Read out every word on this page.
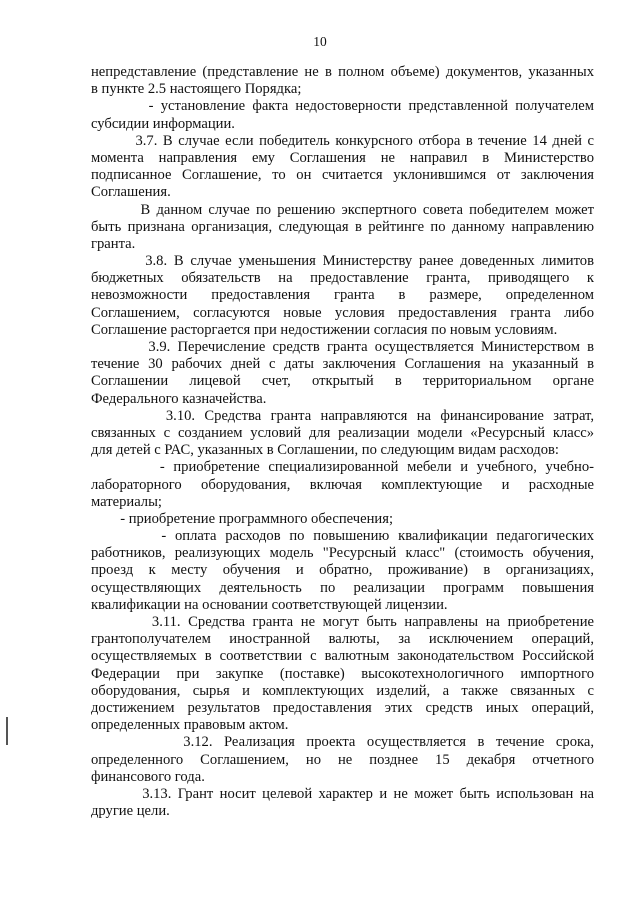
10
непредставление (представление не в полном объеме) документов, указанных
в пункте 2.5 настоящего Порядка;
- установление факта недостоверности представленной получателем
субсидии информации.
3.7. В случае если победитель конкурсного отбора в течение 14 дней с
момента направления ему Соглашения не направил в Министерство
подписанное Соглашение, то он считается уклонившимся от заключения
Соглашения.
В данном случае по решению экспертного совета победителем может
быть признана организация, следующая в рейтинге по данному направлению
гранта.
3.8. В случае уменьшения Министерству ранее доведенных лимитов
бюджетных обязательств на предоставление гранта, приводящего к
невозможности предоставления гранта в размере, определенном
Соглашением, согласуются новые условия предоставления гранта либо
Соглашение расторгается при недостижении согласия по новым условиям.
3.9. Перечисление средств гранта осуществляется Министерством в
течение 30 рабочих дней с даты заключения Соглашения на указанный в
Соглашении лицевой счет, открытый в территориальном органе
Федерального казначейства.
3.10. Средства гранта направляются на финансирование затрат,
связанных с созданием условий для реализации модели «Ресурсный класс»
для детей с РАС, указанных в Соглашении, по следующим видам расходов:
- приобретение специализированной мебели и учебного, учебно-
лабораторного оборудования, включая комплектующие и расходные
материалы;
- приобретение программного обеспечения;
- оплата расходов по повышению квалификации педагогических
работников, реализующих модель "Ресурсный класс" (стоимость обучения,
проезд к месту обучения и обратно, проживание) в организациях,
осуществляющих деятельность по реализации программ повышения
квалификации на основании соответствующей лицензии.
3.11. Средства гранта не могут быть направлены на приобретение
грантополучателем иностранной валюты, за исключением операций,
осуществляемых в соответствии с валютным законодательством Российской
Федерации при закупке (поставке) высокотехнологичного импортного
оборудования, сырья и комплектующих изделий, а также связанных с
достижением результатов предоставления этих средств иных операций,
определенных правовым актом.
3.12. Реализация проекта осуществляется в течение срока,
определенного Соглашением, но не позднее 15 декабря отчетного
финансового года.
3.13. Грант носит целевой характер и не может быть использован на
другие цели.
